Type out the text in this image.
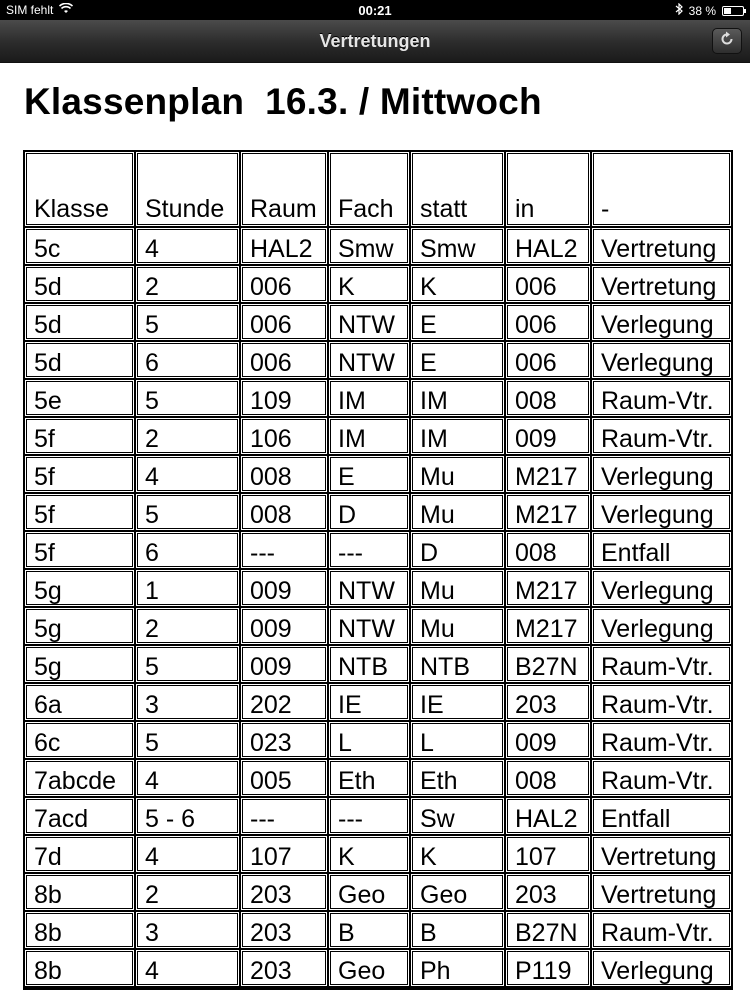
SIM fehlt	00:21	38 %
Vertretungen
Klassenplan  16.3. / Mittwoch
Klasse	Stunde	Raum	Fach	statt	in	-
5c	4	HAL2	Smw	Smw	HAL2	Vertretung
5d	2	006	K	K	006	Vertretung
5d	5	006	NTW	E	006	Verlegung
5d	6	006	NTW	E	006	Verlegung
5e	5	109	IM	IM	008	Raum-Vtr.
5f	2	106	IM	IM	009	Raum-Vtr.
5f	4	008	E	Mu	M217	Verlegung
5f	5	008	D	Mu	M217	Verlegung
5f	6	---	---	D	008	Entfall
5g	1	009	NTW	Mu	M217	Verlegung
5g	2	009	NTW	Mu	M217	Verlegung
5g	5	009	NTB	NTB	B27N	Raum-Vtr.
6a	3	202	IE	IE	203	Raum-Vtr.
6c	5	023	L	L	009	Raum-Vtr.
7abcde	4	005	Eth	Eth	008	Raum-Vtr.
7acd	5 - 6	---	---	Sw	HAL2	Entfall
7d	4	107	K	K	107	Vertretung
8b	2	203	Geo	Geo	203	Vertretung
8b	3	203	B	B	B27N	Raum-Vtr.
8b	4	203	Geo	Ph	P119	Verlegung
